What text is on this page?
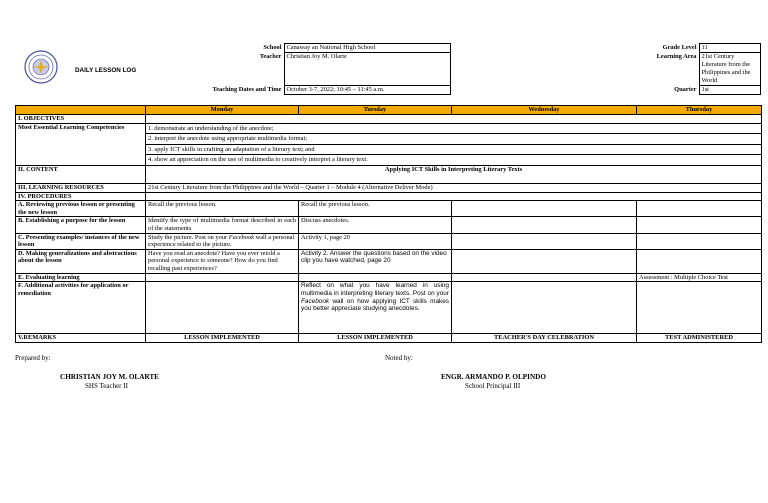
DAILY LESSON LOG
School	Canaway an National High School	Grade Level	11
Teacher	Christian Joy M. Olarte	Learning Area	21st Century Literature from the Philippines and the World
Teaching Dates and Time	October 3-7, 2022; 10:45 – 11:45 a.m.	Quarter	1st
	Monday	Tuesday	Wednesday	Thursday
I. OBJECTIVES				
Most Essential Learning Competencies	1. demonstrate an understanding of the anecdote;
2. interpret the anecdote using appropriate multimedia format;
3. apply ICT skills in crafting an adaptation of a literary text; and
4. show an appreciation on the use of multimedia to creatively interpret a literary text.			

II. CONTENT	Applying ICT Skills in Interpreting Literary Texts			
III. LEARNING RESOURCES	21st Century Literature from the Philippines and the World – Quarter 1 – Module 4 (Alternative Deliver Mode)			
IV. PROCEDURES				
A. Reviewing previous lesson or presenting the new lesson	Recall the previous lesson.	Recall the previous lesson.		
B. Establishing a purpose for the lesson	Identify the type of multimedia format described in each of the statements	Discuss anecdotes.		
C. Presenting examples/ instances of the new lesson	Study the picture. Post on your Facebook wall a personal experience related to the picture.	Activity 1, page 20		
D. Making generalizations and abstractions about the lesson	Have you read an anecdote? Have you ever retold a personal experience to someone? How do you find recalling past experiences?	Activity 2. Answer the questions based on the video clip you have watched, page 20		
E. Evaluating learning				Assessment : Multiple Choice Test
F. Additional activities for application or remediation		Reflect on what you have learned in using multimedia in interpreting literary texts. Post on your Facebook wall on how applying ICT skills makes you better appreciate studying anecdotes.		
V.REMARKS	LESSON IMPLEMENTED	LESSON IMPLEMENTED	TEACHER'S DAY CELEBRATION	TEST ADMINISTERED
Prepared by:	Noted by:
CHRISTIAN JOY M. OLARTE
SHS Teacher II
ENGR. ARMANDO P. OLPINDO
School Principal III
